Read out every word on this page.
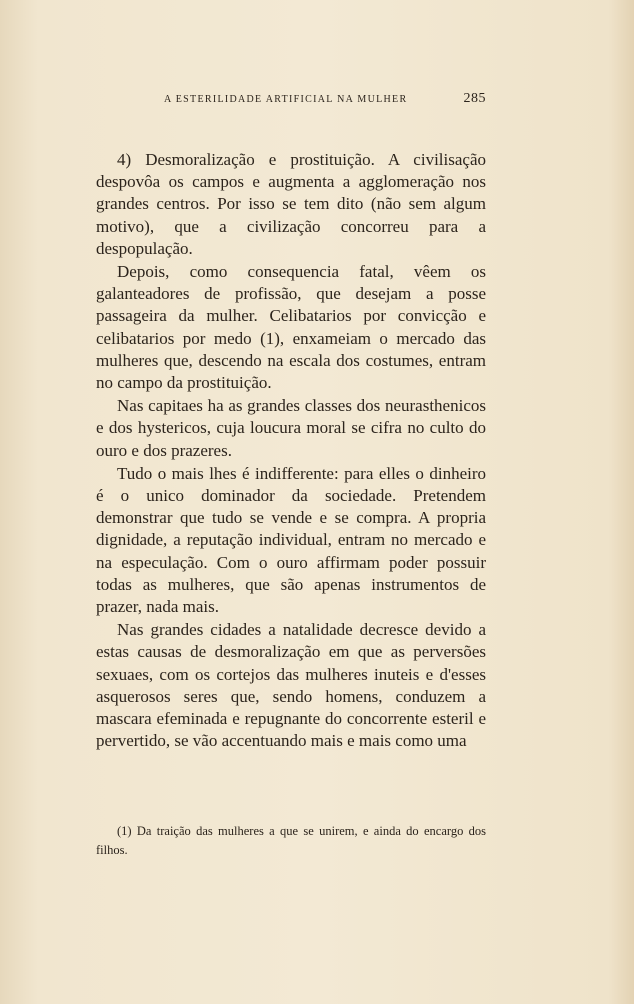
A ESTERILIDADE ARTIFICIAL NA MULHER	285

4) Desmoralização e prostituição. A civilisação despovôa os campos e augmenta a agglomeração nos grandes centros. Por isso se tem dito (não sem algum motivo), que a civilização concorreu para a despopulação.

Depois, como consequencia fatal, vêem os galanteadores de profissão, que desejam a posse passageira da mulher. Celibatarios por convicção e celibatarios por medo (1), enxameiam o mercado das mulheres que, descendo na escala dos costumes, entram no campo da prostituição.

Nas capitaes ha as grandes classes dos neurasthenicos e dos hystericos, cuja loucura moral se cifra no culto do ouro e dos prazeres.

Tudo o mais lhes é indifferente: para elles o dinheiro é o unico dominador da sociedade. Pretendem demonstrar que tudo se vende e se compra. A propria dignidade, a reputação individual, entram no mercado e na especulação. Com o ouro affirmam poder possuir todas as mulheres, que são apenas instrumentos de prazer, nada mais.

Nas grandes cidades a natalidade decresce devido a estas causas de desmoralização em que as perversões sexuaes, com os cortejos das mulheres inuteis e d'esses asquerosos seres que, sendo homens, conduzem a mascara efeminada e repugnante do concorrente esteril e pervertido, se vão accentuando mais e mais como uma

(1) Da traição das mulheres a que se unirem, e ainda do encargo dos filhos.
